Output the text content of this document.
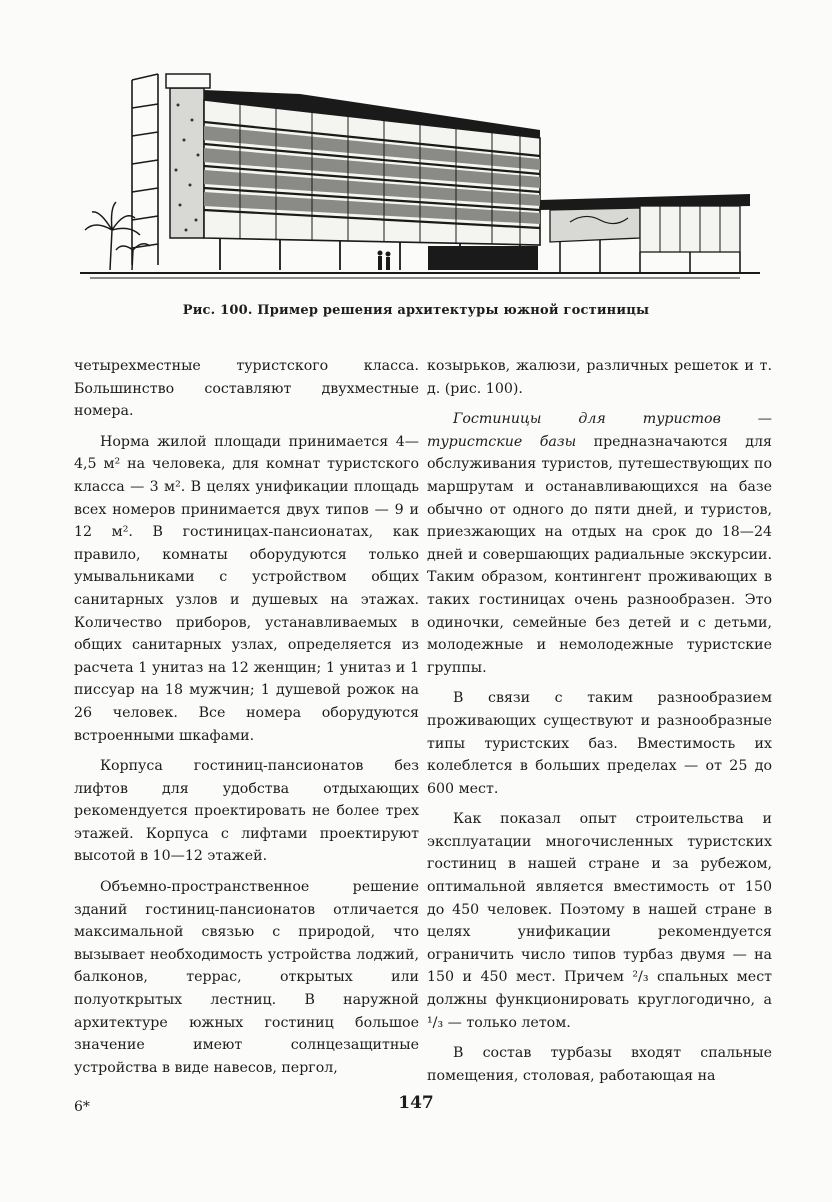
Рис. 100. Пример решения архитектуры южной гостиницы

четырехместные туристского класса. Большинство составляют двухместные номера.

Норма жилой площади принимается 4—4,5 м² на человека, для комнат туристского класса — 3 м². В целях унификации площадь всех номеров принимается двух типов — 9 и 12 м². В гостиницах-пансионатах, как правило, комнаты оборудуются только умывальниками с устройством общих санитарных узлов и душевых на этажах. Количество приборов, устанавливаемых в общих санитарных узлах, определяется из расчета 1 унитаз на 12 женщин; 1 унитаз и 1 писсуар на 18 мужчин; 1 душевой рожок на 26 человек. Все номера оборудуются встроенными шкафами.

Корпуса гостиниц-пансионатов без лифтов для удобства отдыхающих рекомендуется проектировать не более трех этажей. Корпуса с лифтами проектируют высотой в 10—12 этажей.

Объемно-пространственное решение зданий гостиниц-пансионатов отличается максимальной связью с природой, что вызывает необходимость устройства лоджий, балконов, террас, открытых или полуоткрытых лестниц. В наружной архитектуре южных гостиниц большое значение имеют солнцезащитные устройства в виде навесов, пергол,

козырьков, жалюзи, различных решеток и т. д. (рис. 100).

Гостиницы для туристов — туристские базы предназначаются для обслуживания туристов, путешествующих по маршрутам и останавливающихся на базе обычно от одного до пяти дней, и туристов, приезжающих на отдых на срок до 18—24 дней и совершающих радиальные экскурсии. Таким образом, контингент проживающих в таких гостиницах очень разнообразен. Это одиночки, семейные без детей и с детьми, молодежные и немолодежные туристские группы.

В связи с таким разнообразием проживающих существуют и разнообразные типы туристских баз. Вместимость их колеблется в больших пределах — от 25 до 600 мест.

Как показал опыт строительства и эксплуатации многочисленных туристских гостиниц в нашей стране и за рубежом, оптимальной является вместимость от 150 до 450 человек. Поэтому в нашей стране в целях унификации рекомендуется ограничить число типов турбаз двумя — на 150 и 450 мест. Причем ²/₃ спальных мест должны функционировать круглогодично, а ¹/₃ — только летом.

В состав турбазы входят спальные помещения, столовая, работающая на

6*	147
